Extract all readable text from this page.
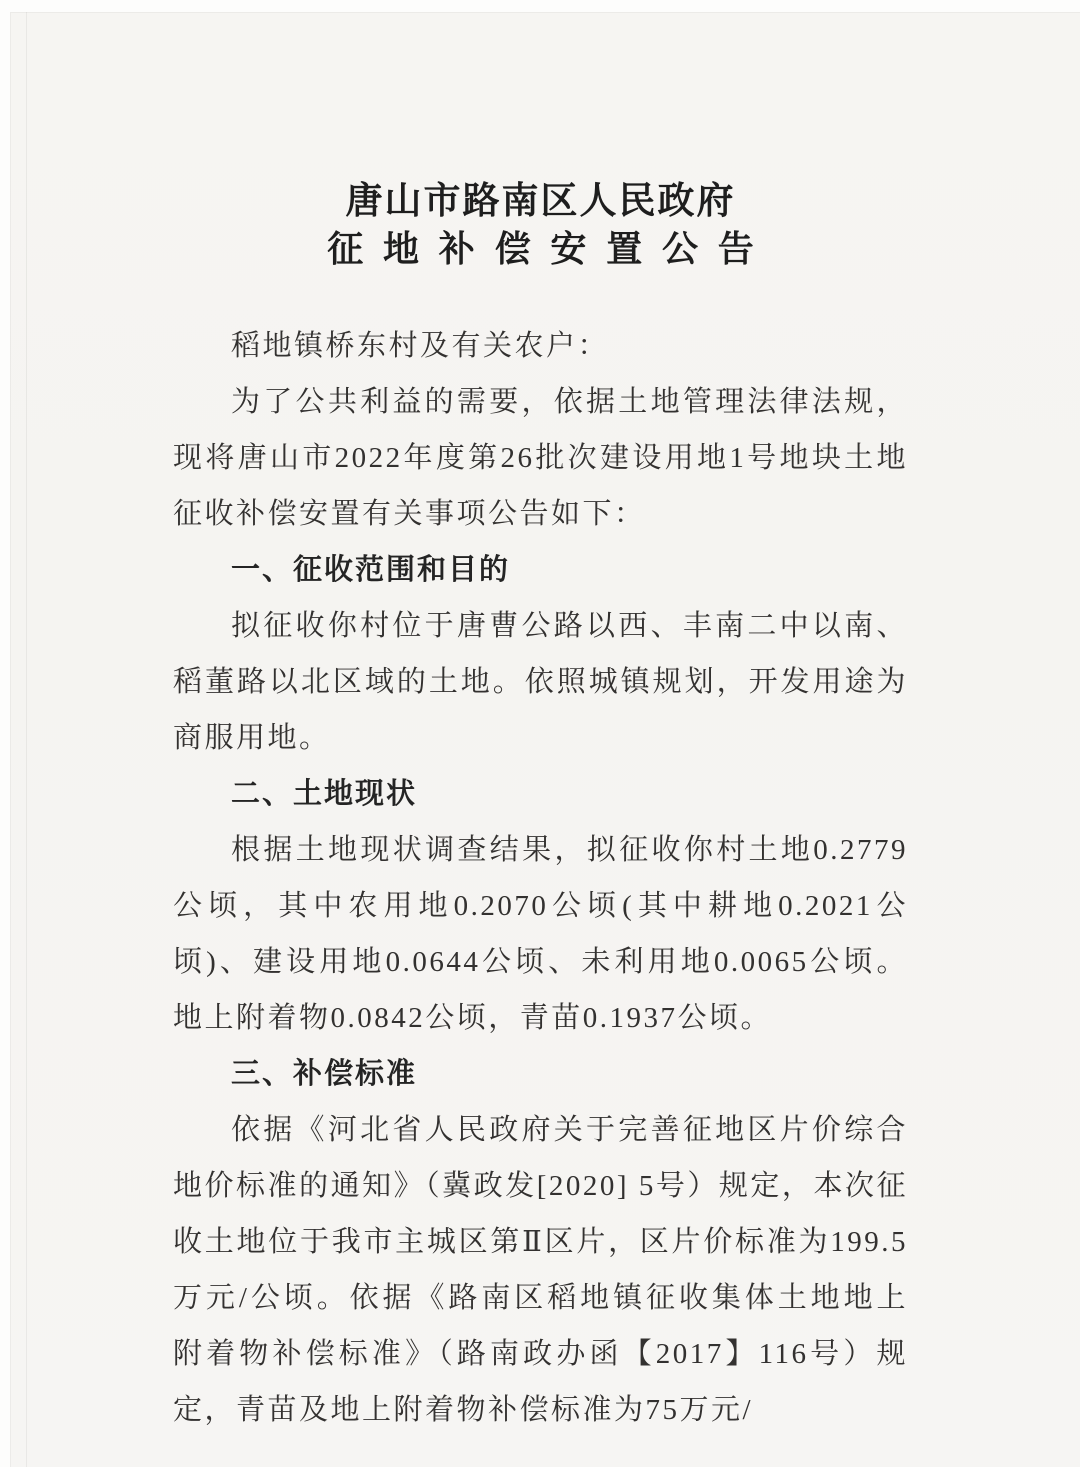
唐山市路南区人民政府
征地补偿安置公告

稻地镇桥东村及有关农户：

为了公共利益的需要，依据土地管理法律法规，现将唐山市2022年度第26批次建设用地1号地块土地征收补偿安置有关事项公告如下：

一、征收范围和目的

拟征收你村位于唐曹公路以西、丰南二中以南、稻董路以北区域的土地。依照城镇规划，开发用途为商服用地。

二、土地现状

根据土地现状调查结果，拟征收你村土地0.2779公顷，其中农用地0.2070公顷(其中耕地0.2021公顷)、建设用地0.0644公顷、未利用地0.0065公顷。地上附着物0.0842公顷，青苗0.1937公顷。

三、补偿标准

依据《河北省人民政府关于完善征地区片价综合地价标准的通知》（冀政发[2020] 5号）规定，本次征收土地位于我市主城区第Ⅱ区片，区片价标准为199.5万元/公顷。依据《路南区稻地镇征收集体土地地上附着物补偿标准》（路南政办函【2017】116号）规定，青苗及地上附着物补偿标准为75万元/
